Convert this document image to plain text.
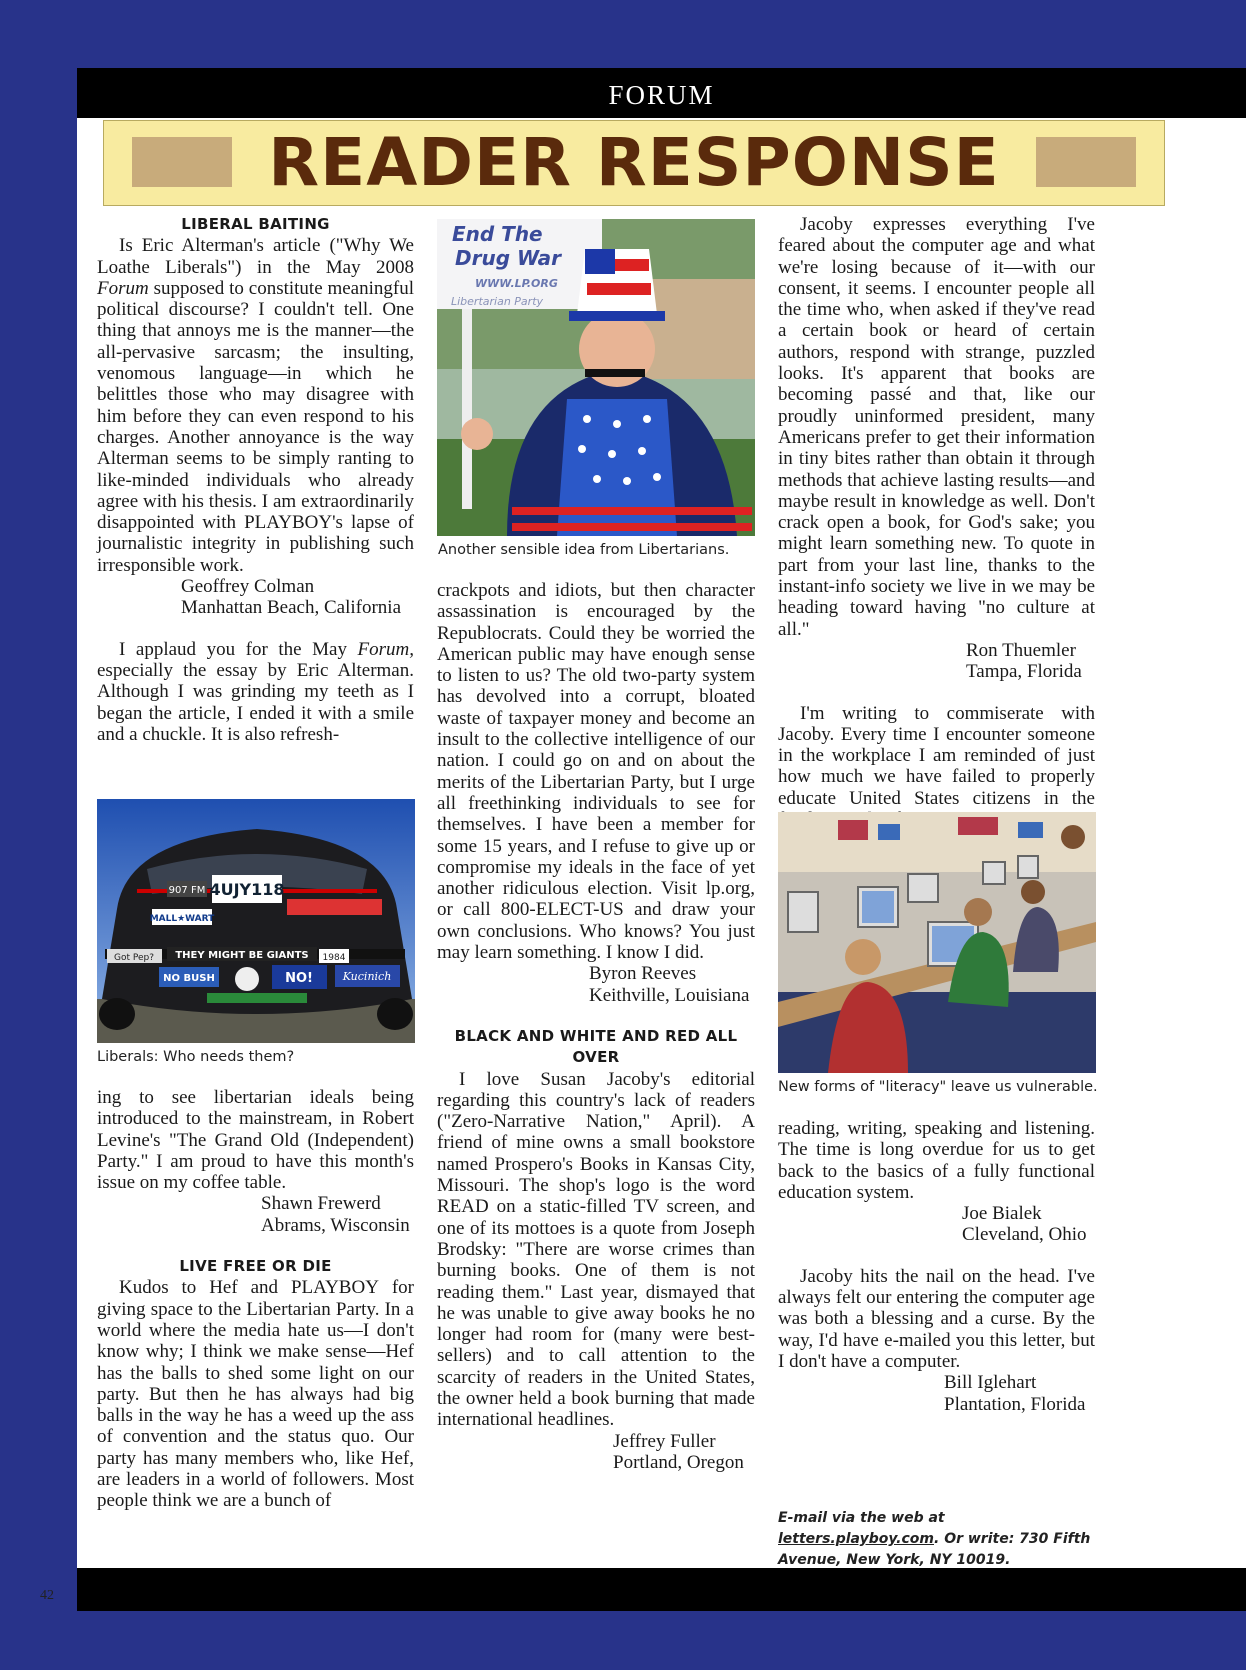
FORUM
READER RESPONSE
LIBERAL BAITING

Is Eric Alterman's article ("Why We Loathe Liberals") in the May 2008 Forum supposed to constitute meaningful political discourse? I couldn't tell. One thing that annoys me is the manner—the all-pervasive sarcasm; the insulting, venomous language—in which he belittles those who may disagree with him before they can even respond to his charges. Another annoyance is the way Alterman seems to be simply ranting to like-minded individuals who already agree with his thesis. I am extraordinarily disappointed with PLAYBOY's lapse of journalistic integrity in publishing such irresponsible work.

Geoffrey Colman
Manhattan Beach, California

I applaud you for the May Forum, especially the essay by Eric Alterman. Although I was grinding my teeth as I began the article, I ended it with a smile and a chuckle. It is also refresh-

4UJY118
907 FM
MALL★WART
THEY MIGHT BE GIANTS
Got Pep?	1984
NO BUSH	NO!	Kucinich
Liberals: Who needs them?

ing to see libertarian ideals being introduced to the mainstream, in Robert Levine's "The Grand Old (Independent) Party." I am proud to have this month's issue on my coffee table.

Shawn Frewerd
Abrams, Wisconsin

LIVE FREE OR DIE

Kudos to Hef and PLAYBOY for giving space to the Libertarian Party. In a world where the media hate us—I don't know why; I think we make sense—Hef has the balls to shed some light on our party. But then he has always had big balls in the way he has a weed up the ass of convention and the status quo. Our party has many members who, like Hef, are leaders in a world of followers. Most people think we are a bunch of

End The
Drug War
WWW.LP.ORG
Libertarian Party
Another sensible idea from Libertarians.

crackpots and idiots, but then character assassination is encouraged by the Republocrats. Could they be worried the American public may have enough sense to listen to us? The old two-party system has devolved into a corrupt, bloated waste of taxpayer money and become an insult to the collective intelligence of our nation. I could go on and on about the merits of the Libertarian Party, but I urge all freethinking individuals to see for themselves. I have been a member for some 15 years, and I refuse to give up or compromise my ideals in the face of yet another ridiculous election. Visit lp.org, or call 800-ELECT-US and draw your own conclusions. Who knows? You just may learn something. I know I did.

Byron Reeves
Keithville, Louisiana

BLACK AND WHITE AND RED ALL OVER

I love Susan Jacoby's editorial regarding this country's lack of readers ("Zero-Narrative Nation," April). A friend of mine owns a small bookstore named Prospero's Books in Kansas City, Missouri. The shop's logo is the word READ on a static-filled TV screen, and one of its mottoes is a quote from Joseph Brodsky: "There are worse crimes than burning books. One of them is not reading them." Last year, dismayed that he was unable to give away books he no longer had room for (many were best-sellers) and to call attention to the scarcity of readers in the United States, the owner held a book burning that made international headlines.

Jeffrey Fuller
Portland, Oregon

Jacoby expresses everything I've feared about the computer age and what we're losing because of it—with our consent, it seems. I encounter people all the time who, when asked if they've read a certain book or heard of certain authors, respond with strange, puzzled looks. It's apparent that books are becoming passé and that, like our proudly uninformed president, many Americans prefer to get their information in tiny bites rather than obtain it through methods that achieve lasting results—and maybe result in knowledge as well. Don't crack open a book, for God's sake; you might learn something new. To quote in part from your last line, thanks to the instant-info society we live in we may be heading toward having "no culture at all."

Ron Thuemler
Tampa, Florida

I'm writing to commiserate with Jacoby. Every time I encounter someone in the workplace I am reminded of just how much we have failed to properly educate United States citizens in the

New forms of "literacy" leave us vulnerable.

reading, writing, speaking and listening. The time is long overdue for us to get back to the basics of a fully functional education system.

Joe Bialek
Cleveland, Ohio

Jacoby hits the nail on the head. I've always felt our entering the computer age was both a blessing and a curse. By the way, I'd have e-mailed you this letter, but I don't have a computer.

Bill Iglehart
Plantation, Florida

E-mail via the web at letters.playboy.com. Or write: 730 Fifth Avenue, New York, NY 10019.
42
